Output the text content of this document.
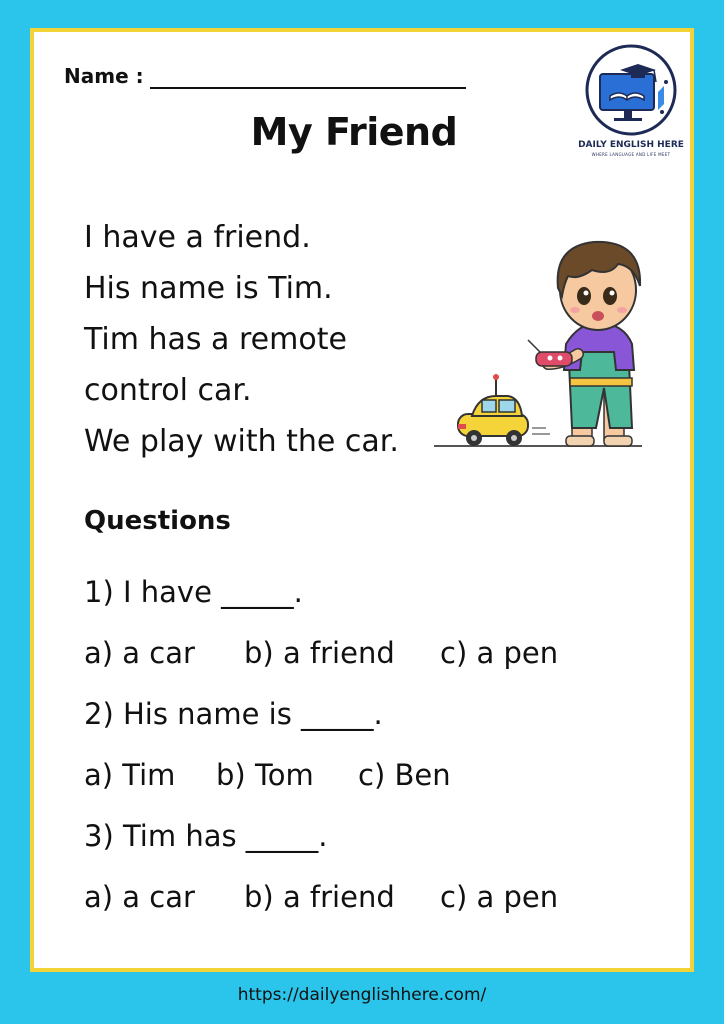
Name :
My Friend	DAILY ENGLISH HERE
WHERE LANGUAGE AND LIFE MEET
I have a friend.
His name is Tim.
Tim has a remote
control car.
We play with the car.
Questions
1) I have _____.
a) a car b) a friend c) a pen
2) His name is _____.
a) Tim b) Tom c) Ben
3) Tim has _____.
a) a car b) a friend c) a pen
https://dailyenglishhere.com/
